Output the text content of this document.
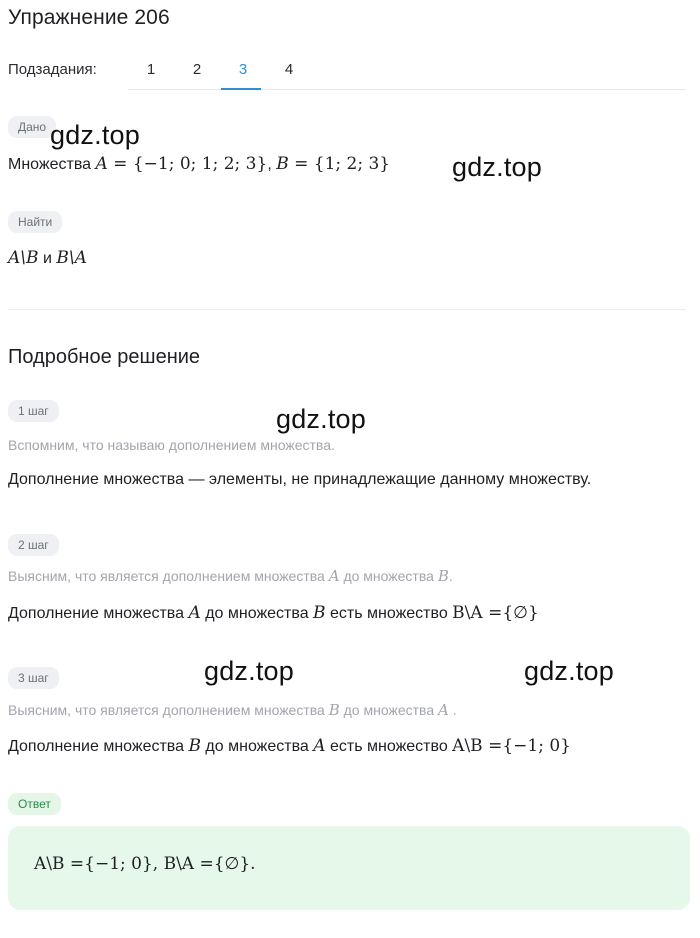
Упражнение 206
Подзадания:	1	2	3	4
Дано
Множества A = {−1; 0; 1; 2; 3}, B = {1; 2; 3}
Найти
A\B и B\A
Подробное решение
1 шаг
Вспомним, что называю дополнением множества.
Дополнение множества — элементы, не принадлежащие данному множеству.
2 шаг
Выясним, что является дополнением множества A до множества B.
Дополнение множества A до множества B есть множество B\A ={∅}
3 шаг
Выясним, что является дополнением множества B до множества A .
Дополнение множества B до множества A есть множество A\B ={−1; 0}
Ответ
A\B ={−1; 0}, B\A ={∅}.
gdz.top
gdz.top
gdz.top
gdz.top	gdz.top
